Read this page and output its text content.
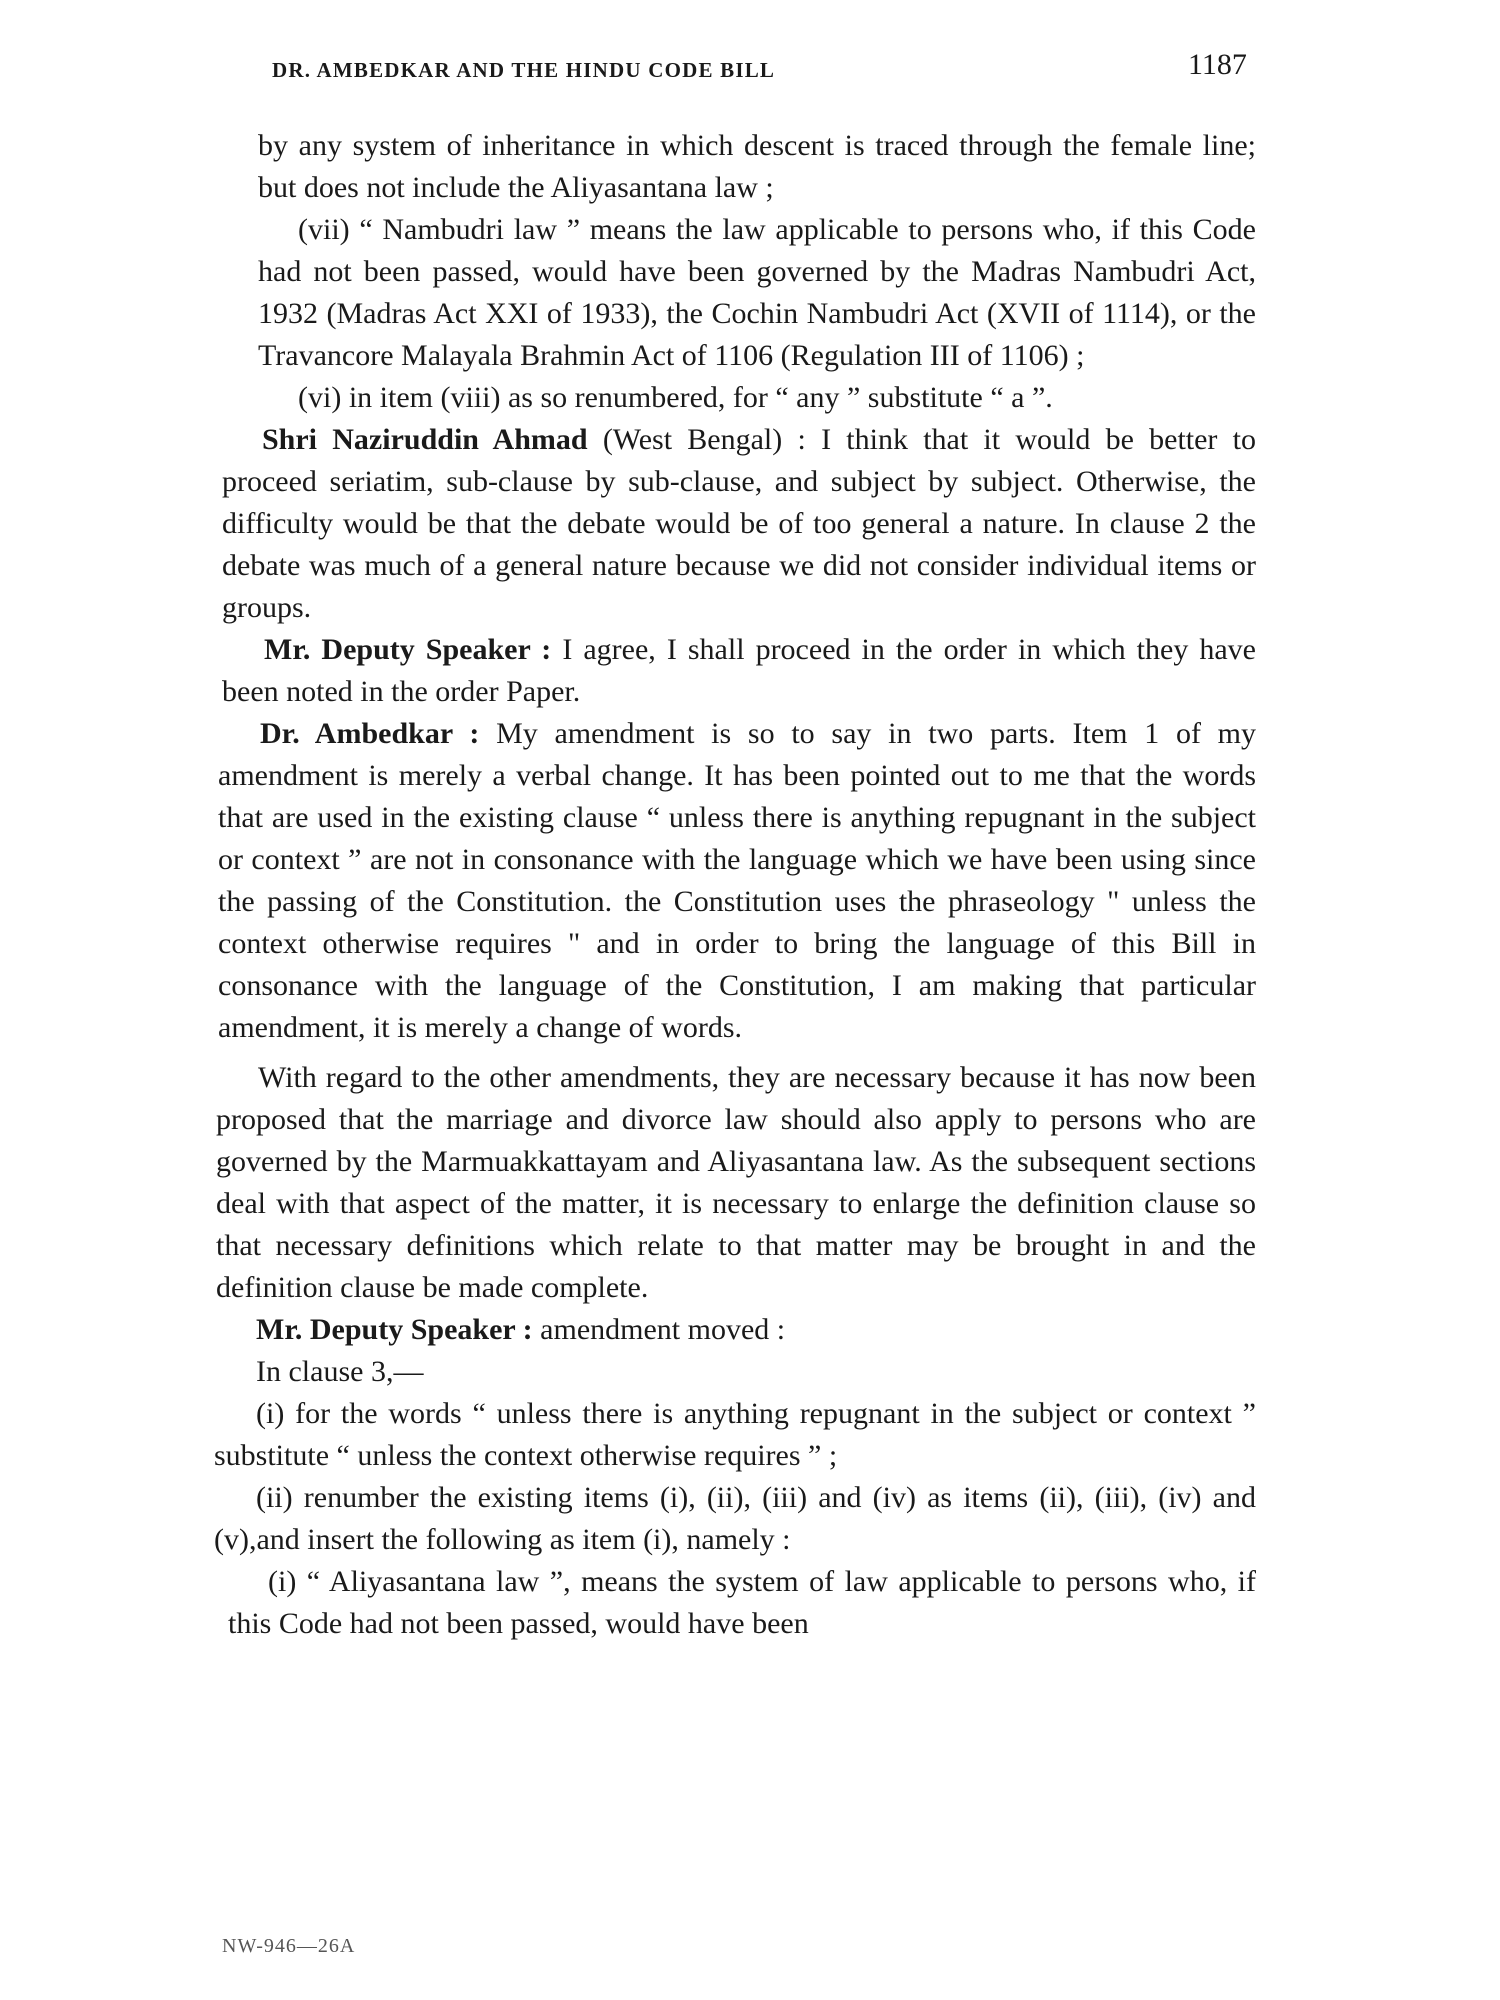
DR. AMBEDKAR AND THE HINDU CODE BILL	1187

by any system of inheritance in which descent is traced through the female line; but does not include the Aliyasantana law ;

(vii) “ Nambudri law ” means the law applicable to persons who, if this Code had not been passed, would have been governed by the Madras Nambudri Act, 1932 (Madras Act XXI of 1933), the Cochin Nambudri Act (XVII of 1114), or the Travancore Malayala Brahmin Act of 1106 (Regulation III of 1106) ;

(vi) in item (viii) as so renumbered, for “ any ” substitute “ a ”.

Shri Naziruddin Ahmad (West Bengal) : I think that it would be better to proceed seriatim, sub-clause by sub-clause, and subject by subject. Otherwise, the difficulty would be that the debate would be of too general a nature. In clause 2 the debate was much of a general nature because we did not consider individual items or groups.

Mr. Deputy Speaker : I agree, I shall proceed in the order in which they have been noted in the order Paper.

Dr. Ambedkar : My amendment is so to say in two parts. Item 1 of my amendment is merely a verbal change. It has been pointed out to me that the words that are used in the existing clause “ unless there is anything repugnant in the subject or context ” are not in consonance with the language which we have been using since the passing of the Constitution. the Constitution uses the phraseology " unless the context otherwise requires " and in order to bring the language of this Bill in consonance with the language of the Constitution, I am making that particular amendment, it is merely a change of words.

With regard to the other amendments, they are necessary because it has now been proposed that the marriage and divorce law should also apply to persons who are governed by the Marmuakkattayam and Aliyasantana law. As the subsequent sections deal with that aspect of the matter, it is necessary to enlarge the definition clause so that necessary definitions which relate to that matter may be brought in and the definition clause be made complete.

Mr. Deputy Speaker : amendment moved :

In clause 3,—

(i) for the words “ unless there is anything repugnant in the subject or context ” substitute “ unless the context otherwise requires ” ;

(ii) renumber the existing items (i), (ii), (iii) and (iv) as items (ii), (iii), (iv) and (v),and insert the following as item (i), namely :

(i) “ Aliyasantana law ”, means the system of law applicable to persons who, if this Code had not been passed, would have been

NW-946—26A
